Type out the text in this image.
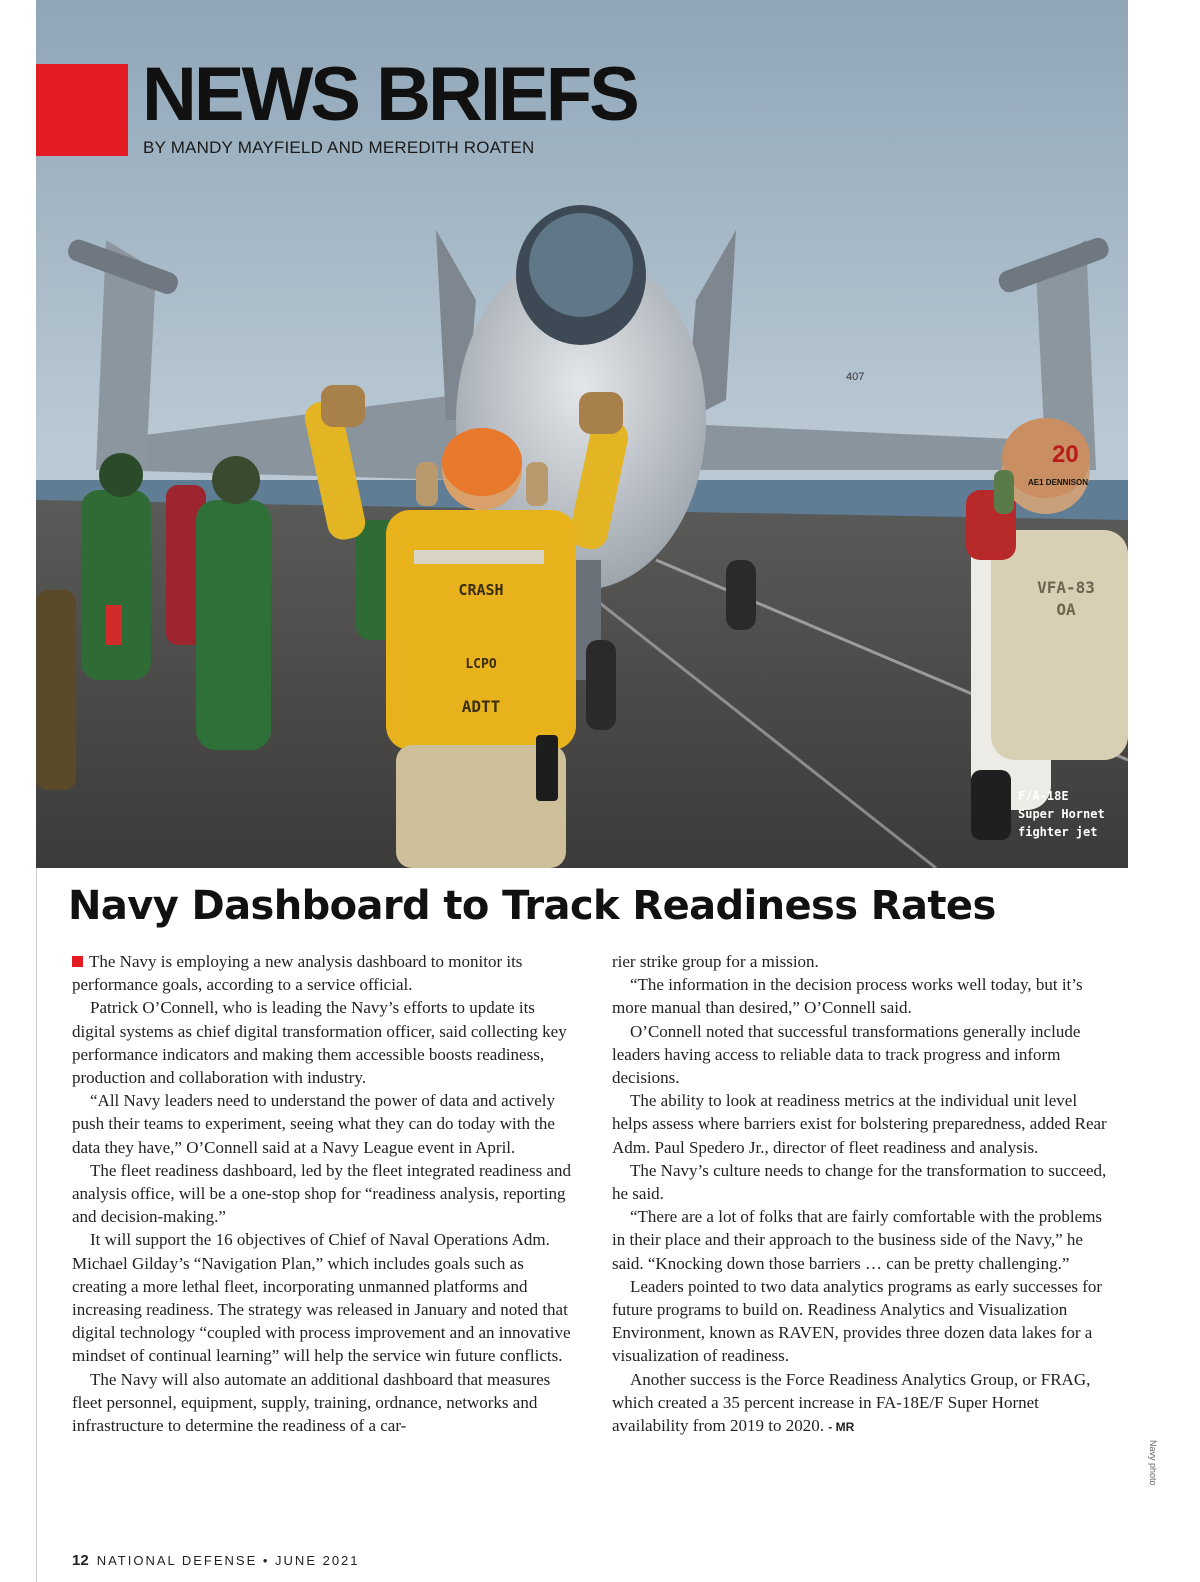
407
CRASH
LCPO
ADTT
20
AE1 DENNISON
VFA-83
OA
NEWS BRIEFS
BY MANDY MAYFIELD AND MEREDITH ROATEN
F/A-18E
Super Hornet
fighter jet
Navy photo
Navy Dashboard to Track Readiness Rates

The Navy is employing a new analysis dashboard to monitor its performance goals, according to a service official.

Patrick O’Connell, who is leading the Navy’s efforts to update its digital systems as chief digital transformation officer, said collecting key performance indicators and making them accessible boosts readiness, production and collaboration with industry.

“All Navy leaders need to understand the power of data and actively push their teams to experiment, seeing what they can do today with the data they have,” O’Connell said at a Navy League event in April.

The fleet readiness dashboard, led by the fleet integrated readiness and analysis office, will be a one-stop shop for “readiness analysis, reporting and decision-making.”

It will support the 16 objectives of Chief of Naval Operations Adm. Michael Gilday’s “Navigation Plan,” which includes goals such as creating a more lethal fleet, incorporating unmanned platforms and increasing readiness. The strategy was released in January and noted that digital technology “coupled with process improvement and an innovative mindset of continual learning” will help the service win future conflicts.

The Navy will also automate an additional dashboard that measures fleet personnel, equipment, supply, training, ordnance, networks and infrastructure to determine the readiness of a car-

rier strike group for a mission.

“The information in the decision process works well today, but it’s more manual than desired,” O’Connell said.

O’Connell noted that successful transformations generally include leaders having access to reliable data to track progress and inform decisions.

The ability to look at readiness metrics at the individual unit level helps assess where barriers exist for bolstering preparedness, added Rear Adm. Paul Spedero Jr., director of fleet readiness and analysis.

The Navy’s culture needs to change for the transformation to succeed, he said.

“There are a lot of folks that are fairly comfortable with the problems in their place and their approach to the business side of the Navy,” he said. “Knocking down those barriers … can be pretty challenging.”

Leaders pointed to two data analytics programs as early successes for future programs to build on. Readiness Analytics and Visualization Environment, known as RAVEN, provides three dozen data lakes for a visualization of readiness.

Another success is the Force Readiness Analytics Group, or FRAG, which created a 35 percent increase in FA-18E/F Super Hornet availability from 2019 to 2020. - MR

12 NATIONAL DEFENSE • JUNE 2021
